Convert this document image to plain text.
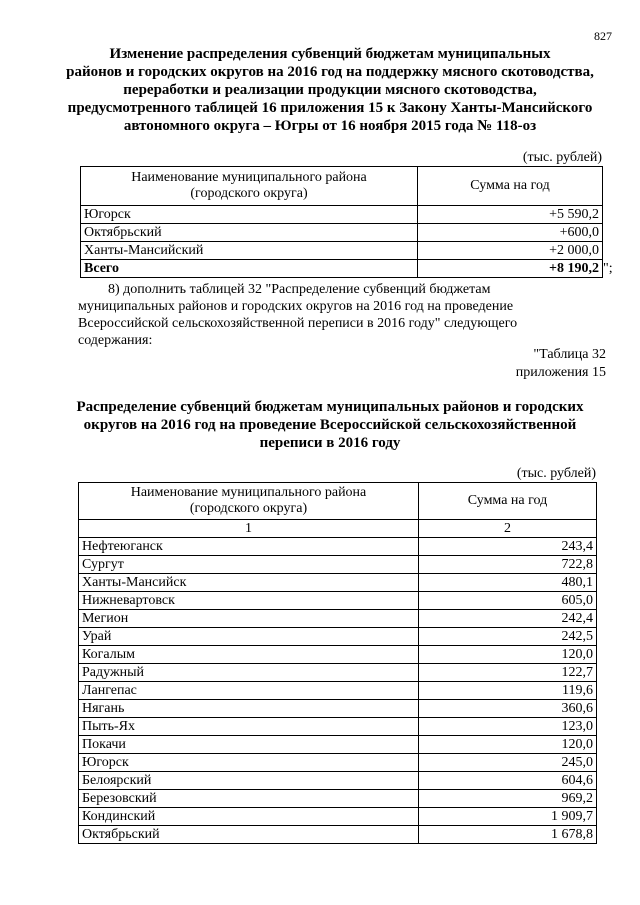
827
Изменение распределения субвенций бюджетам муниципальных
районов и городских округов на 2016 год на поддержку мясного скотоводства,
переработки и реализации продукции мясного скотоводства,
предусмотренного таблицей 16 приложения 15 к Закону Ханты-Мансийского
автономного округа – Югры от 16 ноября 2015 года № 118-оз
(тыс. рублей)
Наименование муниципального района
(городского округа)	Сумма на год
Югорск	+5 590,2
Октябрьский	+600,0
Ханты-Мансийский	+2 000,0
Всего	+8 190,2 ";
8) дополнить таблицей 32 "Распределение субвенций бюджетам
муниципальных районов и городских округов на 2016 год на проведение
Всероссийской сельскохозяйственной переписи в 2016 году" следующего
содержания:
"Таблица 32
приложения 15
Распределение субвенций бюджетам муниципальных районов и городских
округов на 2016 год на проведение Всероссийской сельскохозяйственной
переписи в 2016 году
(тыс. рублей)
Наименование муниципального района
(городского округа)	Сумма на год
1	2
Нефтеюганск	243,4
Сургут	722,8
Ханты-Мансийск	480,1
Нижневартовск	605,0
Мегион	242,4
Урай	242,5
Когалым	120,0
Радужный	122,7
Лангепас	119,6
Нягань	360,6
Пыть-Ях	123,0
Покачи	120,0
Югорск	245,0
Белоярский	604,6
Березовский	969,2
Кондинский	1 909,7
Октябрьский	1 678,8
